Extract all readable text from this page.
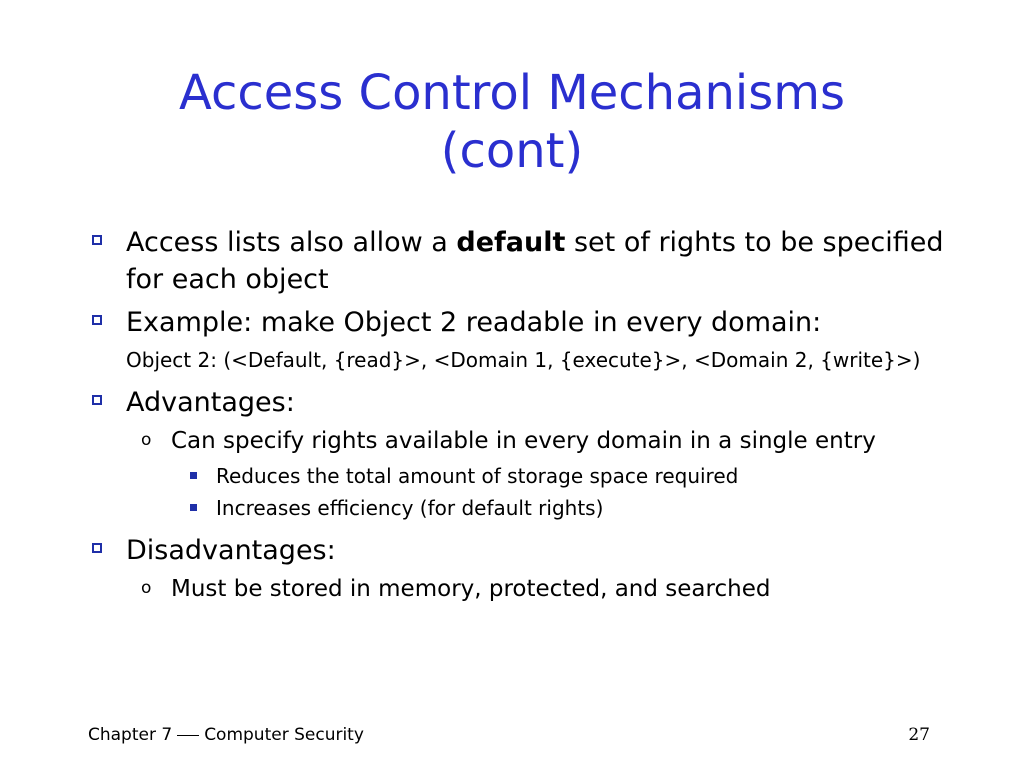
Access Control Mechanisms
(cont)
Access lists also allow a default set of rights to be specified for each object
Example: make Object 2 readable in every domain:
Object 2: (<Default, {read}>, <Domain 1, {execute}>, <Domain 2, {write}>)
Advantages:
o Can specify rights available in every domain in a single entry
Reduces the total amount of storage space required
Increases efficiency (for default rights)
Disadvantages:
o Must be stored in memory, protected, and searched
Chapter 7 Computer Security	27
